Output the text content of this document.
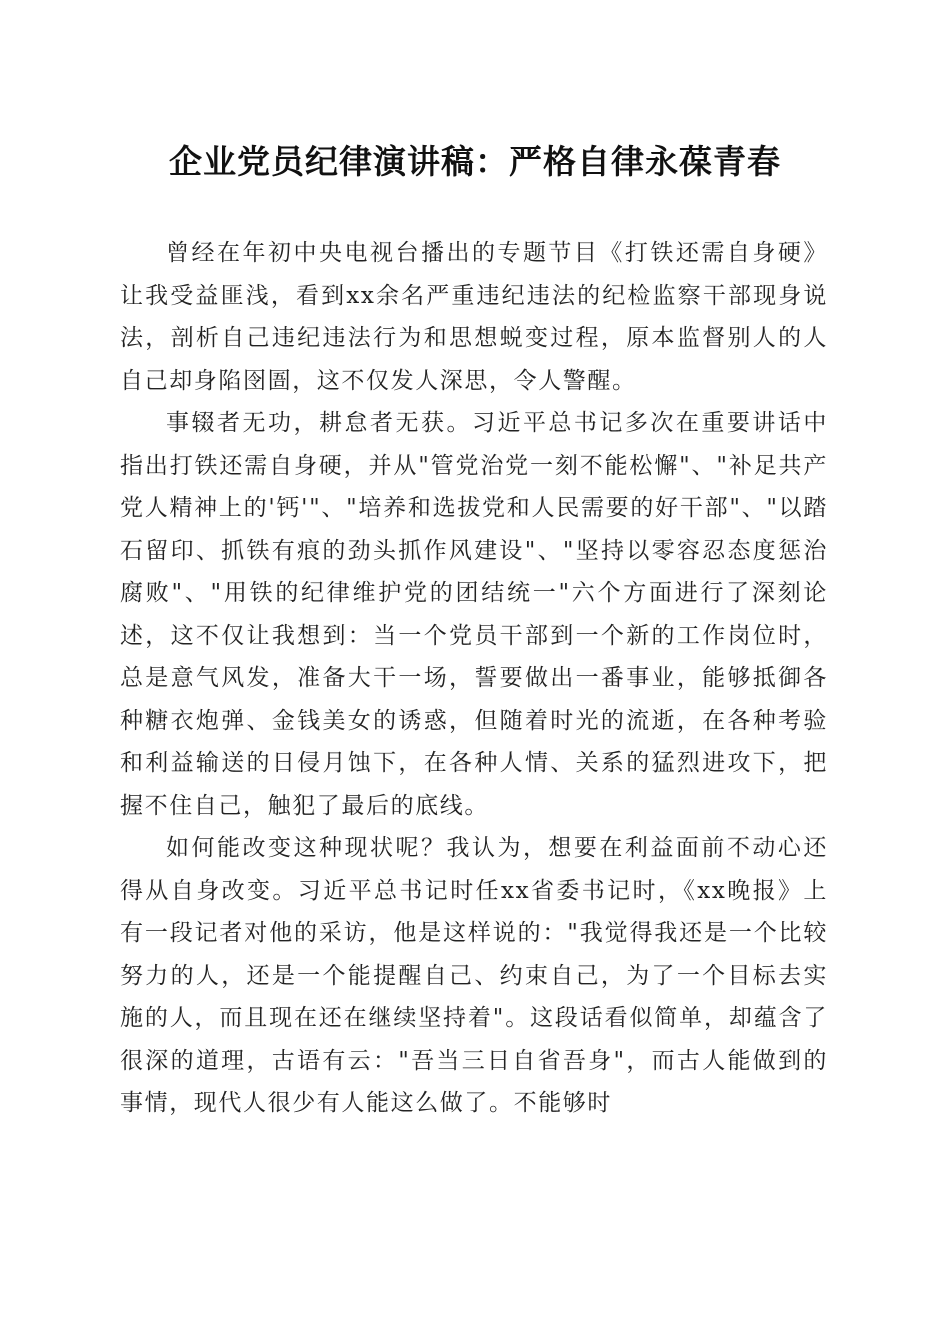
企业党员纪律演讲稿：严格自律永葆青春

曾经在年初中央电视台播出的专题节目《打铁还需自身硬》让我受益匪浅，看到xx余名严重违纪违法的纪检监察干部现身说法，剖析自己违纪违法行为和思想蜕变过程，原本监督别人的人自己却身陷囹圄，这不仅发人深思，令人警醒。

事辍者无功，耕怠者无获。习近平总书记多次在重要讲话中指出打铁还需自身硬，并从"管党治党一刻不能松懈"、"补足共产党人精神上的'钙'"、"培养和选拔党和人民需要的好干部"、"以踏石留印、抓铁有痕的劲头抓作风建设"、"坚持以零容忍态度惩治腐败"、"用铁的纪律维护党的团结统一"六个方面进行了深刻论述，这不仅让我想到：当一个党员干部到一个新的工作岗位时，总是意气风发，准备大干一场，誓要做出一番事业，能够抵御各种糖衣炮弹、金钱美女的诱惑，但随着时光的流逝，在各种考验和利益输送的日侵月蚀下，在各种人情、关系的猛烈进攻下，把握不住自己，触犯了最后的底线。

如何能改变这种现状呢？我认为，想要在利益面前不动心还得从自身改变。习近平总书记时任xx省委书记时，《xx晚报》上有一段记者对他的采访，他是这样说的："我觉得我还是一个比较努力的人，还是一个能提醒自己、约束自己，为了一个目标去实施的人，而且现在还在继续坚持着"。这段话看似简单，却蕴含了很深的道理，古语有云："吾当三日自省吾身"，而古人能做到的事情，现代人很少有人能这么做了。不能够时
